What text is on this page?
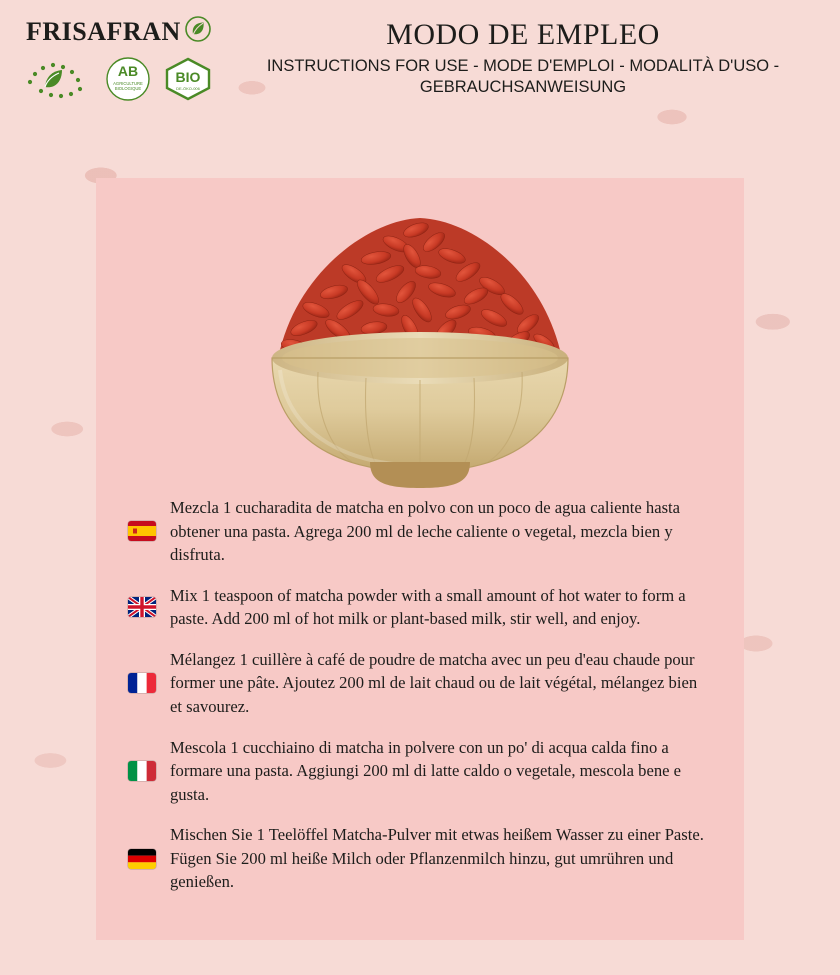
FRISAFRAN
AB
AGRICULTURE
BIOLOGIQUE
BIO
DE-ÖKO-006
MODO DE EMPLEO

INSTRUCTIONS FOR USE - MODE D'EMPLOI - MODALITÀ D'USO - GEBRAUCHSANWEISUNG

Mezcla 1 cucharadita de matcha en polvo con un poco de agua caliente hasta obtener una pasta. Agrega 200 ml de leche caliente o vegetal, mezcla bien y disfruta.
Mix 1 teaspoon of matcha powder with a small amount of hot water to form a paste. Add 200 ml of hot milk or plant-based milk, stir well, and enjoy.
Mélangez 1 cuillère à café de poudre de matcha avec un peu d'eau chaude pour former une pâte. Ajoutez 200 ml de lait chaud ou de lait végétal, mélangez bien et savourez.
Mescola 1 cucchiaino di matcha in polvere con un po' di acqua calda fino a formare una pasta. Aggiungi 200 ml di latte caldo o vegetale, mescola bene e gusta.
Mischen Sie 1 Teelöffel Matcha-Pulver mit etwas heißem Wasser zu einer Paste. Fügen Sie 200 ml heiße Milch oder Pflanzenmilch hinzu, gut umrühren und genießen.
